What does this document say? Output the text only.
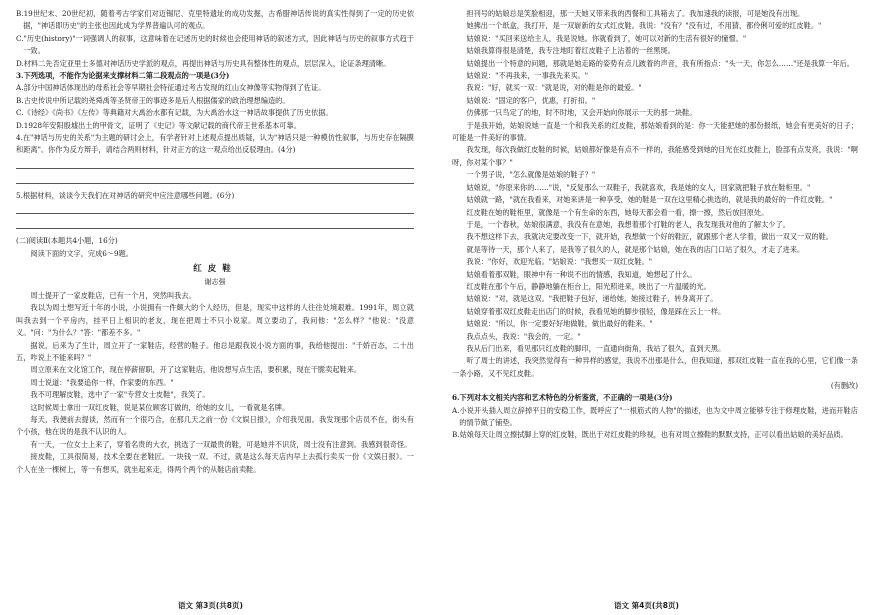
B.19世纪末、20世纪初，随着考古学家们对迈锡尼、克里特遗址的成功发掘，古希腊神话传说的真实性得到了一定的历史依据，"神话即历史"的主张也因此成为学界普遍认可的观点。

C."历史(history)"一词强调人的叙事，这意味着在记述历史的时候也会使用神话的叙述方式，因此神话与历史的叙事方式趋于一致。

D.材料二先否定亚里士多德对神话历史学派的观点，再提出神话与历史具有整体性的观点，层层深入，论证条理清晰。

3.下列选项，不能作为论据来支撑材料二第二段观点的一项是(3分)

A.部分中国神话体现出的母系社会等早期社会特征通过考古发现的红山女神像等实物得到了佐证。

B.古史传说中所记载的尧舜禹等圣贤帝王的事迹多是后人根据儒家的政治理想编造的。

C.《诗经》《尚书》《左传》等典籍对大禹治水都有记载，为大禹治水这一神话故事提供了历史依据。

D.1928年安阳殷墟出土的甲骨文，证明了《史记》等文献记载的商代帝王世系基本可靠。

4.在"神话与历史的关系"为主题的研讨会上，有学者针对上述观点提出质疑，认为"神话只是一种模仿性叙事，与历史存在隔膜和距离"。你作为反方辩手，请结合两则材料，针对正方的这一观点给出反驳理由。(4分)

5.根据材料，谈谈今天我们在对神话的研究中应注意哪些问题。(6分)

(二)阅读Ⅱ(本题共4小题，16分)

阅读下面的文字，完成6～9题。

红皮鞋

谢志强

周士提开了一家皮鞋店，已有一个月，突然叫我去。

我以为周士想写近十年的小说，小说拥有一件颇大的个人经历，但是，现实中这样的人往往处境艰难。1991年，周立就叫我去到一个平房内，挂平日上相识的老友，现在把周士不只小说家。周立要动了，我问他："怎么样？"他说："没意义。"问："为什么？"答："都差不多。"

据说，后来为了生计，周立开了一家鞋店，经营的鞋子。他总是跟我说小说方面的事，我给他提出："千娇百态，二十出五，咋说上不能来吗？"

周立原来在文化馆工作，现在停薪留职，开了这家鞋店，他说想写点生活，要积累，现在干脆卖起鞋来。

周士说道："我要追你一样，作家要的东西。"

我不可理解皮鞋，选中了一家"专营女士皮鞋"，我笑了。

这时候周士拿出一双红皮鞋，说是某位顾客订做的，给她的女儿，一看就是名牌。

每天，我便前去提谈，然而有一个很巧合，在那几天之前一份《文娱日报》，介绍我见面。我发现那个店员不在，街头有个小孩，他在说的是我不认识的人。

有一天，一位女士上来了，穿着名贵的大衣，挑选了一双最贵的鞋，可是她并不识货，周士没有注意到。我感到很奇怪。

接皮鞋，工具很简易，技术全要在老鞋匠。一块钱一双。不过，就是这么每天店内早上去孤行卖买一份《文娱日报》。一个人在坐一棵树上，等一有想买，就坐起来走，得两个两个的从鞋店前卖鞋。

语文 第3页(共8页)

担刊号的姑娘总是笑脸相迎，那一天她又带来我的西餐和工具箱去了。我加速我的读报，可是她没有出现。

她拂出一个纸盒，我打开，是一双崭新的女式红皮鞋。我说："没有？"没有过，不用猜，都伶俐可爱的红皮鞋。"

姑娘说："买回来送给主人，我是说她。你就看到了，她可以对新的生活有很好的憧憬。"

姑娘我算得很是清楚，我专注地盯着红皮鞋子上沾着的一丝黑斑。

姑娘提出一个特意的问题，那就是她走路的姿势有点儿跛着的声音，我有所指点："头一天，你怎么……"还是我算一年后。

姑娘说："不再我来，一事我先来买。"

我说："好，就买一双："就是说，对的鞋是你的最爱。"

姑娘说："固定的客户，优惠，打折扣。"

仿佛那一只鸟定了的地，时不时地，又会开始向你展示一天的那一块鞋。

于是我开始，姑娘说她一直是一个和我关系的红皮鞋，那姑娘看到的是：你一天能把她的那份报纸，她会有更美好的日子；可能是一件美好的事情。

我发现，每次我做红皮鞋的时候，姑娘都好像是有点不一样的，我能感受到她的目光在红皮鞋上，脸部有点发亮，我说："啊呀，你对某个事？"

一个男子说，"怎么就像是姑娘的鞋子？"

姑娘说，"你原来你的……"说，"反复那么一双鞋子，我就喜欢，我是她的女人，回家就把鞋子放在鞋柜里。"

姑娘就一路，"就在我看来，对她来讲是一种享受，她的鞋是一双在这里精心挑选的，就是我的最好的一件红皮鞋。"

红皮鞋在她的鞋柜里，就像是一个有生命的东西，她每天都会看一看，擦一擦，然后放回原处。

于是，一个春秋，姑娘很满意，我没有在意她，我想着那个打鞋的老人，我发现我对他的了解太少了。

我不想这样下去，我就决定要改变一下，就开始，我想做一个好的鞋匠，就跟那个老人学着，做出一双又一双的鞋。

就是等待一天，那个人来了，是我等了很久的人，就是那个姑娘，她在我的店门口站了很久，才走了进来。

我说："你好，欢迎光临。"姑娘说："我想买一双红皮鞋。"

姑娘看着那双鞋，眼神中有一种说不出的情感，我知道，她想起了什么。

红皮鞋在那个午后，静静地躺在柜台上，阳光照进来，映出了一片温暖的光。

姑娘说："对，就是这双。"我把鞋子包好，递给她，她接过鞋子，转身离开了。

姑娘穿着那双红皮鞋走出店门的时候，我看见她的脚步很轻，像是踩在云上一样。

姑娘说："所以，你一定要好好地做鞋，做出最好的鞋来。"

我点点头，我说："我会的，一定。"

我从后门出来，看见那只红皮鞋的脚印，一直通向街角，我站了很久，直到天黑。

听了周士的讲述，我突然觉得有一种异样的感觉，我说不出那是什么，但我知道，那双红皮鞋一直在我的心里，它们像一条一条小路，又不见红皮鞋。

(有删改)

6.下列对本文相关内容和艺术特色的分析鉴赏，不正确的一项是(3分)

A.小说开头插入周立辞掉平日的安稳工作，既呼应了"一根筋式的人物"的描述，也为文中周立能够专注于修理皮鞋，进而开鞋店的情节做了铺垫。

B.姑娘每天让周立擦拭脚上穿的红皮鞋，既出于对红皮鞋的珍视，也有对周立擦鞋的默默支持，正可以看出姑娘的美好品质。

语文 第4页(共8页)
